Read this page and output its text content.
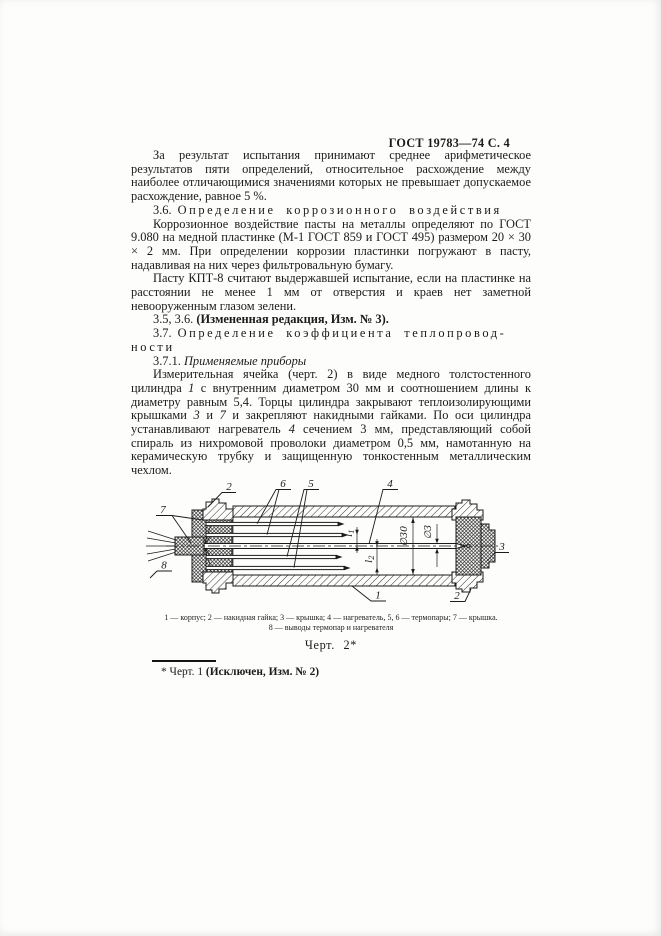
ГОСТ 19783—74 С. 4

За результат испытания принимают среднее арифметическое результатов пяти определений, относительное расхождение между наиболее отличающимися значениями которых не превышает допускаемое расхождение, равное 5 %.

3.6. Определение коррозионного воздействия

Коррозионное воздействие пасты на металлы определяют по ГОСТ 9.080 на медной пластинке (М-1 ГОСТ 859 и ГОСТ 495) размером 20 × 30 × 2 мм. При определении коррозии пластинки погружают в пасту, надавливая на них через фильтровальную бумагу.

Пасту КПТ-8 считают выдержавшей испытание, если на пластинке на расстоянии не менее 1 мм от отверстия и краев нет заметной невооруженным глазом зелени.

3.5, 3.6. (Измененная редакция, Изм. № 3).

3.7. Определение коэффициента теплопровод-
ности

3.7.1. Применяемые приборы

Измерительная ячейка (черт. 2) в виде медного толстостенного цилиндра 1 с внутренним диаметром 30 мм и соотношением длины к диаметру равным 5,4. Торцы цилиндра закрывают теплоизолирующими крышками 3 и 7 и закрепляют накидными гайками. По оси цилиндра устанавливают нагреватель 4 сечением 3 мм, представляющий собой спираль из нихромовой проволоки диаметром 0,5 мм, намотанную на керамическую трубку и защищенную тонкостенным металлическим чехлом.

$l_1$
$l_2$
∅30 ∅3
2	6 5	4
7
8
1	2
3
1 — корпус; 2 — накидная гайка; 3 — крышка; 4 — нагреватель, 5, 6 — термопары; 7 — крышка.
8 — выводы термопар и нагревателя
Черт. 2*
* Черт. 1 (Исключен, Изм. № 2)
